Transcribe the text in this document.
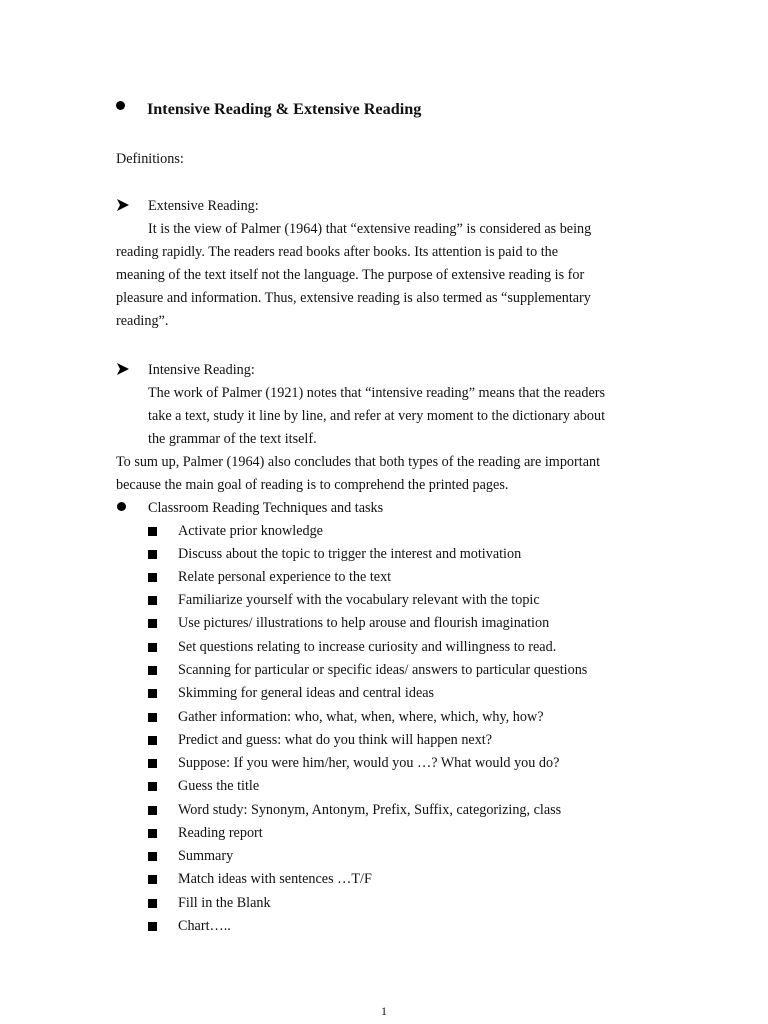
Intensive Reading & Extensive Reading
Definitions:
Extensive Reading:
It is the view of Palmer (1964) that “extensive reading” is considered as being
reading rapidly. The readers read books after books. Its attention is paid to the
meaning of the text itself not the language. The purpose of extensive reading is for
pleasure and information. Thus, extensive reading is also termed as “supplementary
reading”.
Intensive Reading:
The work of Palmer (1921) notes that “intensive reading” means that the readers
take a text, study it line by line, and refer at very moment to the dictionary about
the grammar of the text itself.
To sum up, Palmer (1964) also concludes that both types of the reading are important
because the main goal of reading is to comprehend the printed pages.
Classroom Reading Techniques and tasks
Activate prior knowledge
Discuss about the topic to trigger the interest and motivation
Relate personal experience to the text
Familiarize yourself with the vocabulary relevant with the topic
Use pictures/ illustrations to help arouse and flourish imagination
Set questions relating to increase curiosity and willingness to read.
Scanning for particular or specific ideas/ answers to particular questions
Skimming for general ideas and central ideas
Gather information: who, what, when, where, which, why, how?
Predict and guess: what do you think will happen next?
Suppose: If you were him/her, would you …? What would you do?
Guess the title
Word study: Synonym, Antonym, Prefix, Suffix, categorizing, class
Reading report
Summary
Match ideas with sentences …T/F
Fill in the Blank
Chart…..
1
